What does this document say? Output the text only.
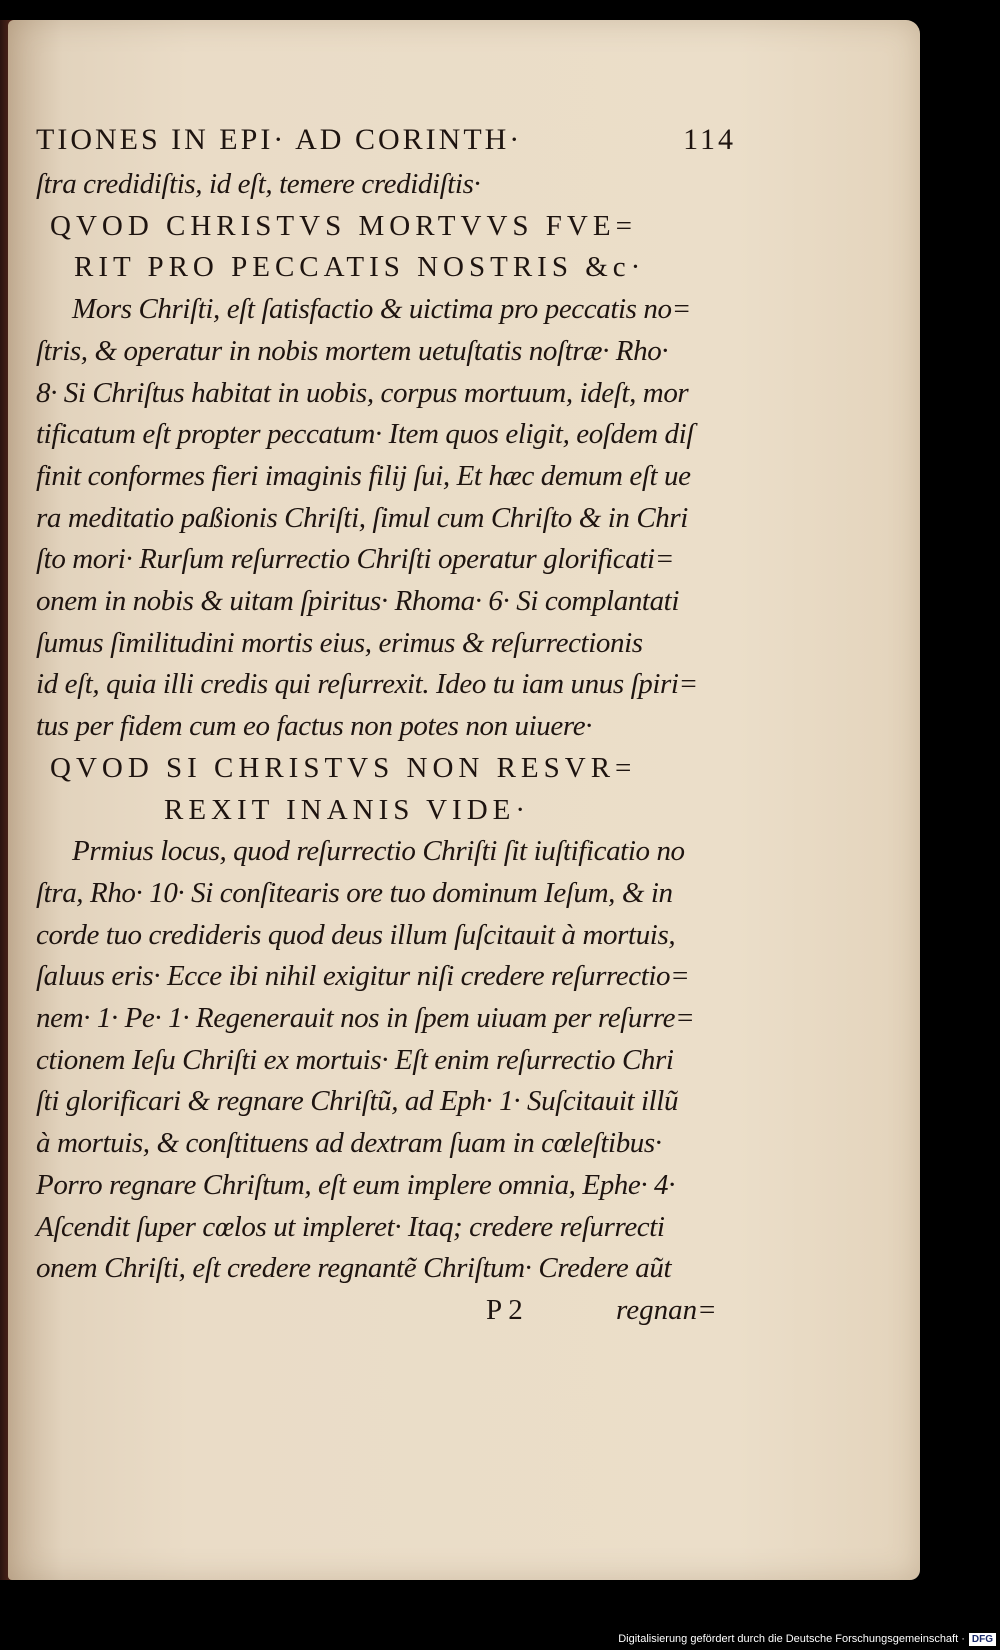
TIONES IN EPI· AD CORINTH·	114
ſtra credidiſtis, id eſt, temere credidiſtis·
QVOD CHRISTVS MORTVVS FVE=
RIT PRO PECCATIS NOSTRIS &c·
Mors Chriſti, eſt ſatisfactio & uictima pro peccatis no=
ſtris, & operatur in nobis mortem uetuſtatis noſtræ· Rho·
8· Si Chriſtus habitat in uobis, corpus mortuum, ideſt, mor
tificatum eſt propter peccatum· Item quos eligit, eoſdem diſ
finit conformes fieri imaginis filij ſui, Et hæc demum eſt ue
ra meditatio paßionis Chriſti, ſimul cum Chriſto & in Chri
ſto mori· Rurſum reſurrectio Chriſti operatur glorificati=
onem in nobis & uitam ſpiritus· Rhoma· 6· Si complantati
ſumus ſimilitudini mortis eius, erimus & reſurrectionis
id eſt, quia illi credis qui reſurrexit. Ideo tu iam unus ſpiri=
tus per fidem cum eo factus non potes non uiuere·
QVOD SI CHRISTVS NON RESVR=
REXIT INANIS VIDE·
Prmius locus, quod reſurrectio Chriſti ſit iuſtificatio no
ſtra, Rho· 10· Si conſitearis ore tuo dominum Ieſum, & in
corde tuo credideris quod deus illum ſuſcitauit à mortuis,
ſaluus eris· Ecce ibi nihil exigitur niſi credere reſurrectio=
nem· 1· Pe· 1· Regenerauit nos in ſpem uiuam per reſurre=
ctionem Ieſu Chriſti ex mortuis· Eſt enim reſurrectio Chri
ſti glorificari & regnare Chriſtũ, ad Eph· 1· Suſcitauit illũ
à mortuis, & conſtituens ad dextram ſuam in cœleſtibus·
Porro regnare Chriſtum, eſt eum implere omnia, Ephe· 4·
Aſcendit ſuper cœlos ut impleret· Itaq; credere reſurrecti
onem Chriſti, eſt credere regnantẽ Chriſtum· Credere aũt
P 2	regnan=
Digitalisierung gefördert durch die Deutsche Forschungsgemeinschaft · DFG
